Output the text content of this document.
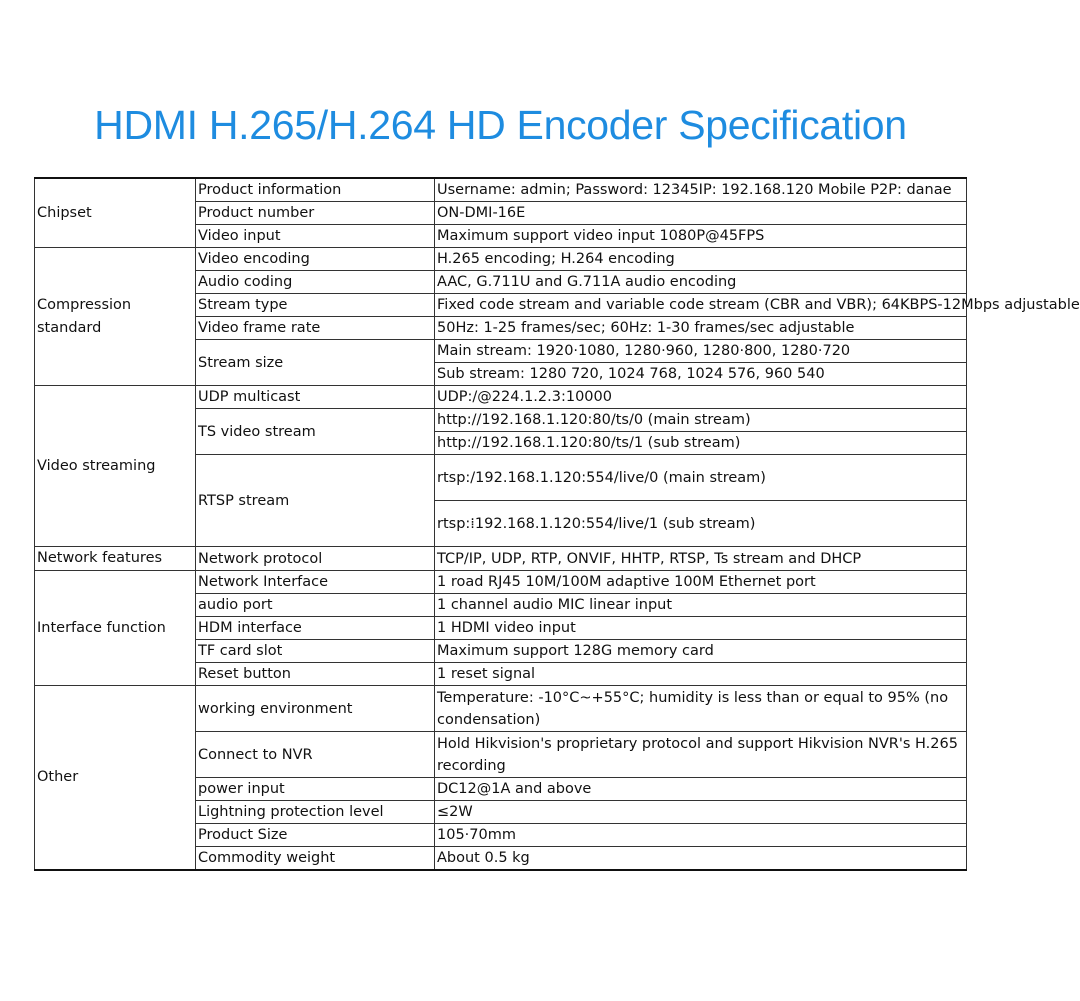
HDMI H.265/H.264 HD Encoder Specification
Chipset	Product information	Username: admin; Password: 12345IP: 192.168.120 Mobile P2P: danae
	Product number	ON-DMI-16E
	Video input	Maximum support video input 1080P@45FPS
Compression standard	Video encoding	H.265 encoding; H.264 encoding
	Audio coding	AAC, G.711U and G.711A audio encoding
	Stream type	Fixed code stream and variable code stream (CBR and VBR); 64KBPS-12Mbps adjustable
	Video frame rate	50Hz: 1-25 frames/sec; 60Hz: 1-30 frames/sec adjustable
	Stream size	Main stream: 1920·1080, 1280·960, 1280·800, 1280·720
		Sub stream: 1280 720, 1024 768, 1024 576, 960 540
Video streaming	UDP multicast	UDP:/@224.1.2.3:10000
	TS video stream	http://192.168.1.120:80/ts/0 (main stream)
		http://192.168.1.120:80/ts/1 (sub stream)
	RTSP stream	rtsp:/192.168.1.120:554/live/0 (main stream)
		rtsp:⁞192.168.1.120:554/live/1 (sub stream)
Network features	Network protocol	TCP/IP, UDP, RTP, ONVIF, HHTP, RTSP, Ts stream and DHCP
Interface function	Network Interface	1 road RJ45 10M/100M adaptive 100M Ethernet port
	audio port	1 channel audio MIC linear input
	HDM interface	1 HDMI video input
	TF card slot	Maximum support 128G memory card
	Reset button	1 reset signal
Other	working environment	Temperature: -10°C~+55°C; humidity is less than or equal to 95% (no condensation)
	Connect to NVR	Hold Hikvision's proprietary protocol and support Hikvision NVR's H.265 recording
	power input	DC12@1A and above
	Lightning protection level	≤2W
	Product Size	105·70mm
	Commodity weight	About 0.5 kg
